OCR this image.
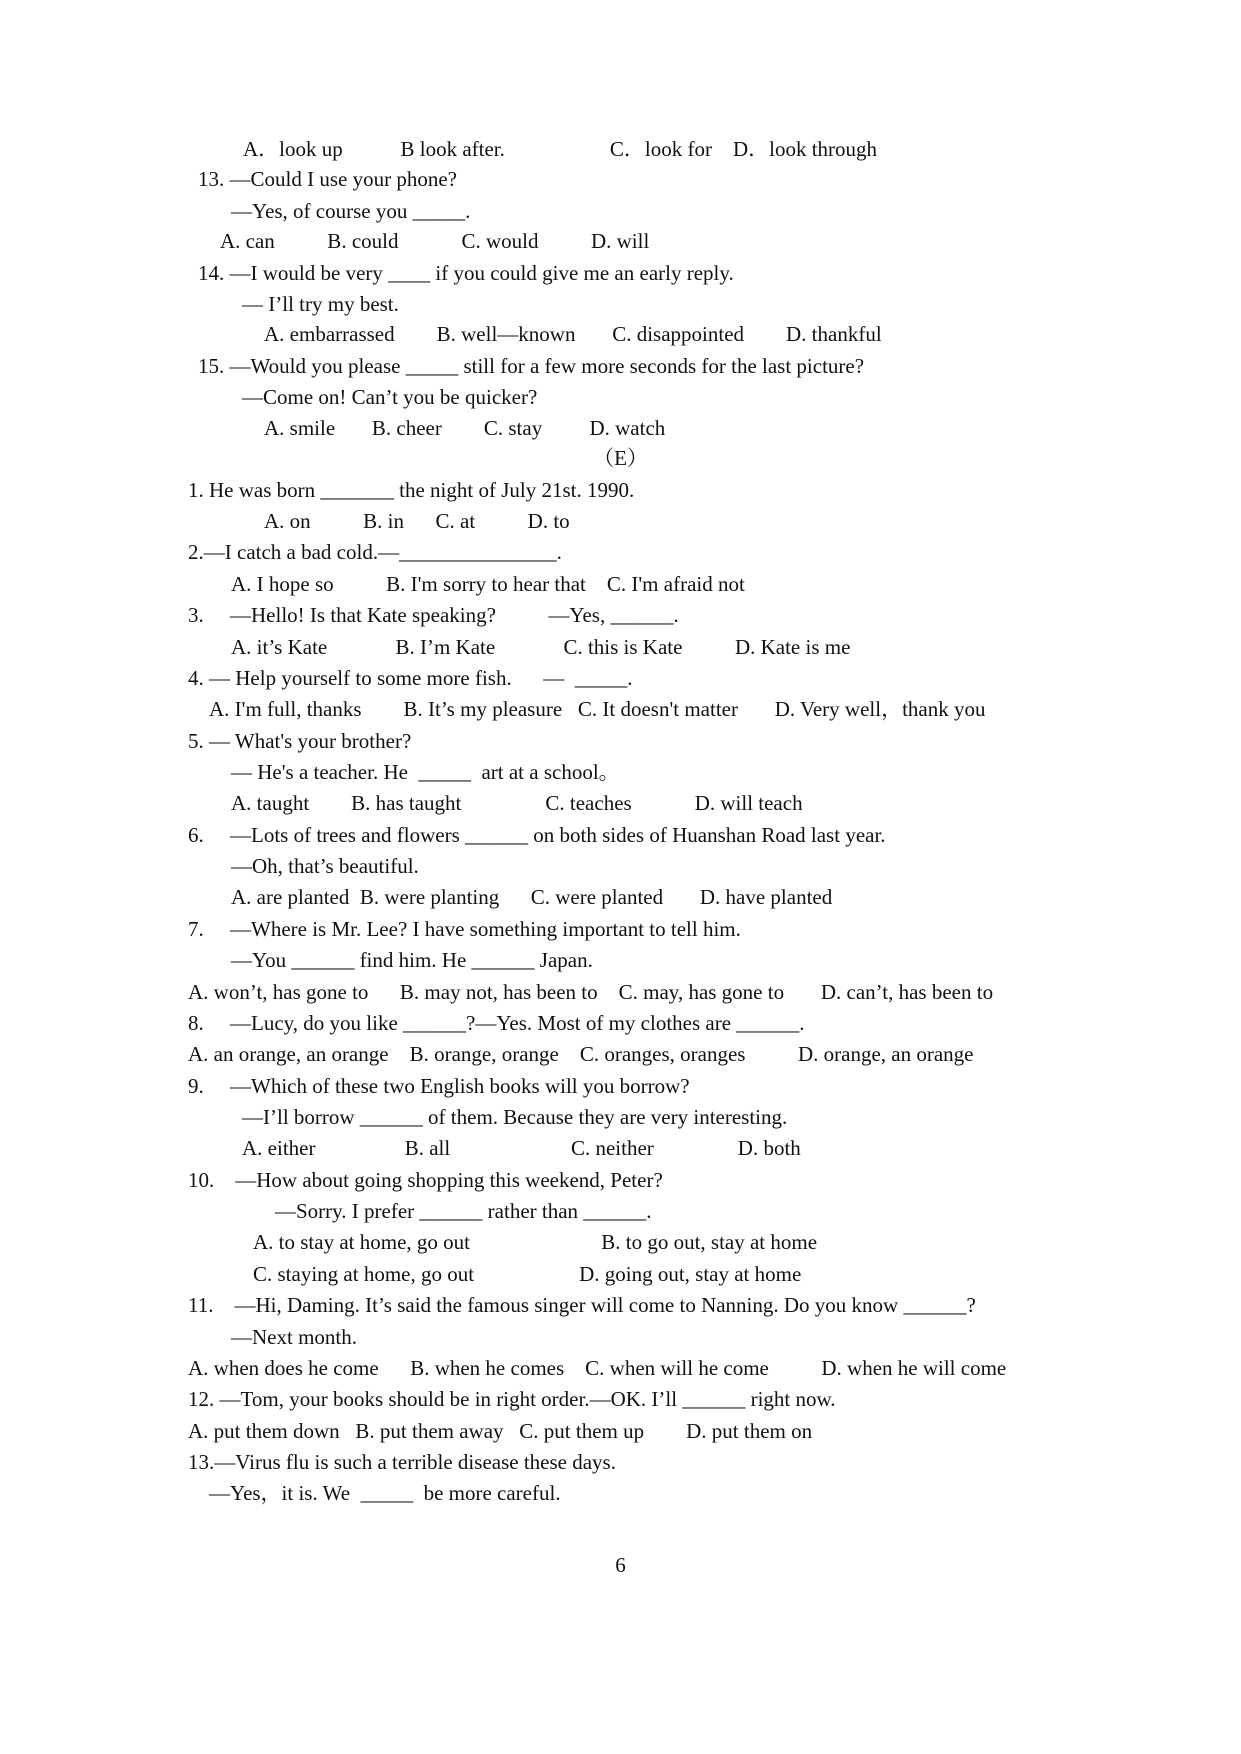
A．look up           B look after.                    C．look for    D．look through
13. —Could I use your phone?
—Yes, of course you _____.
A. can          B. could            C. would          D. will
14. —I would be very ____ if you could give me an early reply.
— I’ll try my best.
A. embarrassed        B. well—known       C. disappointed        D. thankful
15. —Would you please _____ still for a few more seconds for the last picture?
—Come on! Can’t you be quicker?
A. smile       B. cheer        C. stay         D. watch
（E）
1. He was born _______ the night of July 21st. 1990.
A. on          B. in      C. at          D. to
2.—I catch a bad cold.—_______________.
A. I hope so          B. I'm sorry to hear that    C. I'm afraid not
3.     —Hello! Is that Kate speaking?          —Yes, ______.
A. it’s Kate             B. I’m Kate             C. this is Kate          D. Kate is me
4. — Help yourself to some more fish.      —  _____.
A. I'm full, thanks        B. It’s my pleasure   C. It doesn't matter       D. Very well，thank you
5. — What's your brother?
— He's a teacher. He  _____  art at a school。
A. taught        B. has taught                C. teaches            D. will teach
6.     —Lots of trees and flowers ______ on both sides of Huanshan Road last year.
—Oh, that’s beautiful.
A. are planted  B. were planting      C. were planted       D. have planted
7.     —Where is Mr. Lee? I have something important to tell him.
—You ______ find him. He ______ Japan.
A. won’t, has gone to      B. may not, has been to    C. may, has gone to       D. can’t, has been to
8.     —Lucy, do you like ______?—Yes. Most of my clothes are ______.
A. an orange, an orange    B. orange, orange    C. oranges, oranges          D. orange, an orange
9.     —Which of these two English books will you borrow?
—I’ll borrow ______ of them. Because they are very interesting.
A. either                 B. all                       C. neither                D. both
10.    —How about going shopping this weekend, Peter?
—Sorry. I prefer ______ rather than ______.
A. to stay at home, go out                         B. to go out, stay at home
C. staying at home, go out                    D. going out, stay at home
11.    —Hi, Daming. It’s said the famous singer will come to Nanning. Do you know ______?
—Next month.
A. when does he come      B. when he comes    C. when will he come          D. when he will come
12. —Tom, your books should be in right order.—OK. I’ll ______ right now.
A. put them down   B. put them away   C. put them up        D. put them on
13.—Virus flu is such a terrible disease these days.
—Yes，it is. We  _____  be more careful.
6
